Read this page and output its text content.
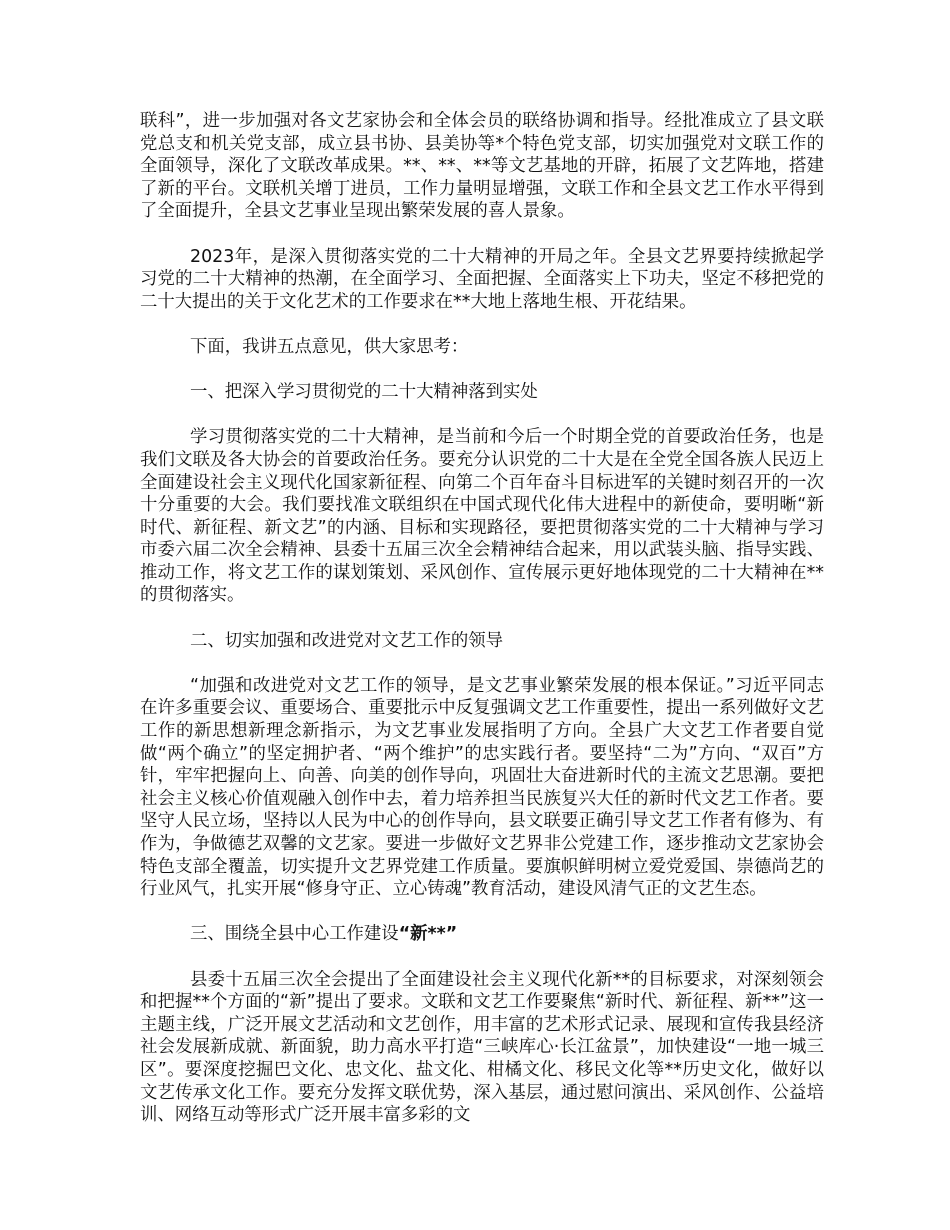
联科”，进一步加强对各文艺家协会和全体会员的联络协调和指导。经批准成立了县文联党总支和机关党支部，成立县书协、县美协等*个特色党支部，切实加强党对文联工作的全面领导，深化了文联改革成果。**、**、**等文艺基地的开辟，拓展了文艺阵地，搭建了新的平台。文联机关增丁进员，工作力量明显增强，文联工作和全县文艺工作水平得到了全面提升，全县文艺事业呈现出繁荣发展的喜人景象。

2023年，是深入贯彻落实党的二十大精神的开局之年。全县文艺界要持续掀起学习党的二十大精神的热潮，在全面学习、全面把握、全面落实上下功夫，坚定不移把党的二十大提出的关于文化艺术的工作要求在**大地上落地生根、开花结果。

下面，我讲五点意见，供大家思考：

一、把深入学习贯彻党的二十大精神落到实处

学习贯彻落实党的二十大精神，是当前和今后一个时期全党的首要政治任务，也是我们文联及各大协会的首要政治任务。要充分认识党的二十大是在全党全国各族人民迈上全面建设社会主义现代化国家新征程、向第二个百年奋斗目标进军的关键时刻召开的一次十分重要的大会。我们要找准文联组织在中国式现代化伟大进程中的新使命，要明晰“新时代、新征程、新文艺”的内涵、目标和实现路径，要把贯彻落实党的二十大精神与学习市委六届二次全会精神、县委十五届三次全会精神结合起来，用以武装头脑、指导实践、推动工作，将文艺工作的谋划策划、采风创作、宣传展示更好地体现党的二十大精神在**的贯彻落实。

二、切实加强和改进党对文艺工作的领导

“加强和改进党对文艺工作的领导，是文艺事业繁荣发展的根本保证。”习近平同志在许多重要会议、重要场合、重要批示中反复强调文艺工作重要性，提出一系列做好文艺工作的新思想新理念新指示，为文艺事业发展指明了方向。全县广大文艺工作者要自觉做“两个确立”的坚定拥护者、“两个维护”的忠实践行者。要坚持“二为”方向、“双百”方针，牢牢把握向上、向善、向美的创作导向，巩固壮大奋进新时代的主流文艺思潮。要把社会主义核心价值观融入创作中去，着力培养担当民族复兴大任的新时代文艺工作者。要坚守人民立场，坚持以人民为中心的创作导向，县文联要正确引导文艺工作者有修为、有作为，争做德艺双馨的文艺家。要进一步做好文艺界非公党建工作，逐步推动文艺家协会特色支部全覆盖，切实提升文艺界党建工作质量。要旗帜鲜明树立爱党爱国、崇德尚艺的行业风气，扎实开展“修身守正、立心铸魂”教育活动，建设风清气正的文艺生态。

三、围绕全县中心工作建设“新**”

县委十五届三次全会提出了全面建设社会主义现代化新**的目标要求，对深刻领会和把握**个方面的“新”提出了要求。文联和文艺工作要聚焦“新时代、新征程、新**”这一主题主线，广泛开展文艺活动和文艺创作，用丰富的艺术形式记录、展现和宣传我县经济社会发展新成就、新面貌，助力高水平打造“三峡库心·长江盆景”，加快建设“一地一城三区”。要深度挖掘巴文化、忠文化、盐文化、柑橘文化、移民文化等**历史文化，做好以文艺传承文化工作。要充分发挥文联优势，深入基层，通过慰问演出、采风创作、公益培训、网络互动等形式广泛开展丰富多彩的文
